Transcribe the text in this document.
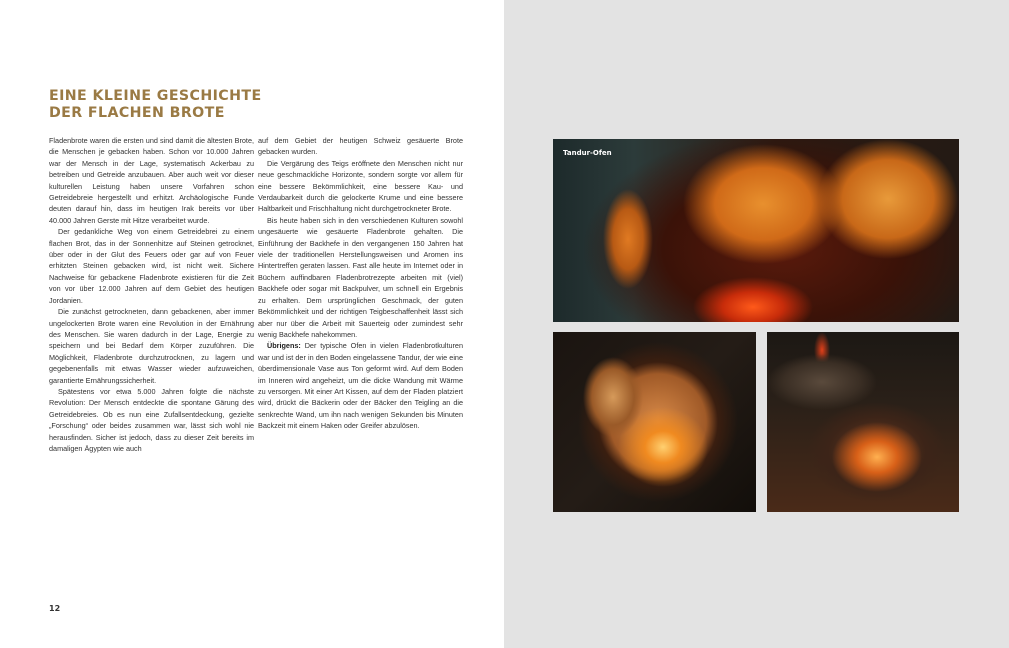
EINE KLEINE GESCHICHTE
DER FLACHEN BROTE

Fladenbrote waren die ersten und sind damit die ältesten Brote, die Menschen je gebacken haben. Schon vor 10.000 Jahren war der Mensch in der Lage, systematisch Ackerbau zu betreiben und Getreide anzubauen. Aber auch weit vor dieser kulturellen Leistung haben unsere Vorfahren schon Getreidebreie hergestellt und erhitzt. Archäologische Funde deuten darauf hin, dass im heutigen Irak bereits vor über 40.000 Jahren Gerste mit Hitze verarbeitet wurde.

Der gedankliche Weg von einem Getreidebrei zu einem flachen Brot, das in der Sonnenhitze auf Steinen getrocknet, über oder in der Glut des Feuers oder gar auf von Feuer erhitzten Steinen gebacken wird, ist nicht weit. Sichere Nachweise für gebackene Fladenbrote existieren für die Zeit von vor über 12.000 Jahren auf dem Gebiet des heutigen Jordanien.

Die zunächst getrockneten, dann gebackenen, aber immer ungelockerten Brote waren eine Revolution in der Ernährung des Menschen. Sie waren dadurch in der Lage, Energie zu speichern und bei Bedarf dem Körper zuzuführen. Die Möglichkeit, Fladenbrote durchzutrocknen, zu lagern und gegebenenfalls mit etwas Wasser wieder aufzuweichen, garantierte Ernährungssicherheit.

Spätestens vor etwa 5.000 Jahren folgte die nächste Revolution: Der Mensch entdeckte die spontane Gärung des Getreidebreies. Ob es nun eine Zufallsentdeckung, gezielte „Forschung“ oder beides zusammen war, lässt sich wohl nie herausfinden. Sicher ist jedoch, dass zu dieser Zeit bereits im damaligen Ägypten wie auch

auf dem Gebiet der heutigen Schweiz gesäuerte Brote gebacken wurden.

Die Vergärung des Teigs eröffnete den Menschen nicht nur neue geschmackliche Horizonte, sondern sorgte vor allem für eine bessere Bekömmlichkeit, eine bessere Kau- und Verdaubarkeit durch die gelockerte Krume und eine bessere Haltbarkeit und Frischhaltung nicht durchgetrockneter Brote.

Bis heute haben sich in den verschiedenen Kulturen sowohl ungesäuerte wie gesäuerte Fladenbrote gehalten. Die Einführung der Backhefe in den vergangenen 150 Jahren hat viele der traditionellen Herstellungsweisen und Aromen ins Hintertreffen geraten lassen. Fast alle heute im Internet oder in Büchern auffindbaren Fladenbrotrezepte arbeiten mit (viel) Backhefe oder sogar mit Backpulver, um schnell ein Ergebnis zu erhalten. Dem ursprünglichen Geschmack, der guten Bekömmlichkeit und der richtigen Teigbeschaffenheit lässt sich aber nur über die Arbeit mit Sauerteig oder zumindest sehr wenig Backhefe nahekommen.

Übrigens: Der typische Ofen in vielen Fladenbrotkulturen war und ist der in den Boden eingelassene Tandur, der wie eine überdimensionale Vase aus Ton geformt wird. Auf dem Boden im Inneren wird angeheizt, um die dicke Wandung mit Wärme zu versorgen. Mit einer Art Kissen, auf dem der Fladen platziert wird, drückt die Bäckerin oder der Bäcker den Teigling an die senkrechte Wand, um ihn nach wenigen Sekunden bis Minuten Backzeit mit einem Haken oder Greifer abzulösen.

12
Tandur-Ofen
